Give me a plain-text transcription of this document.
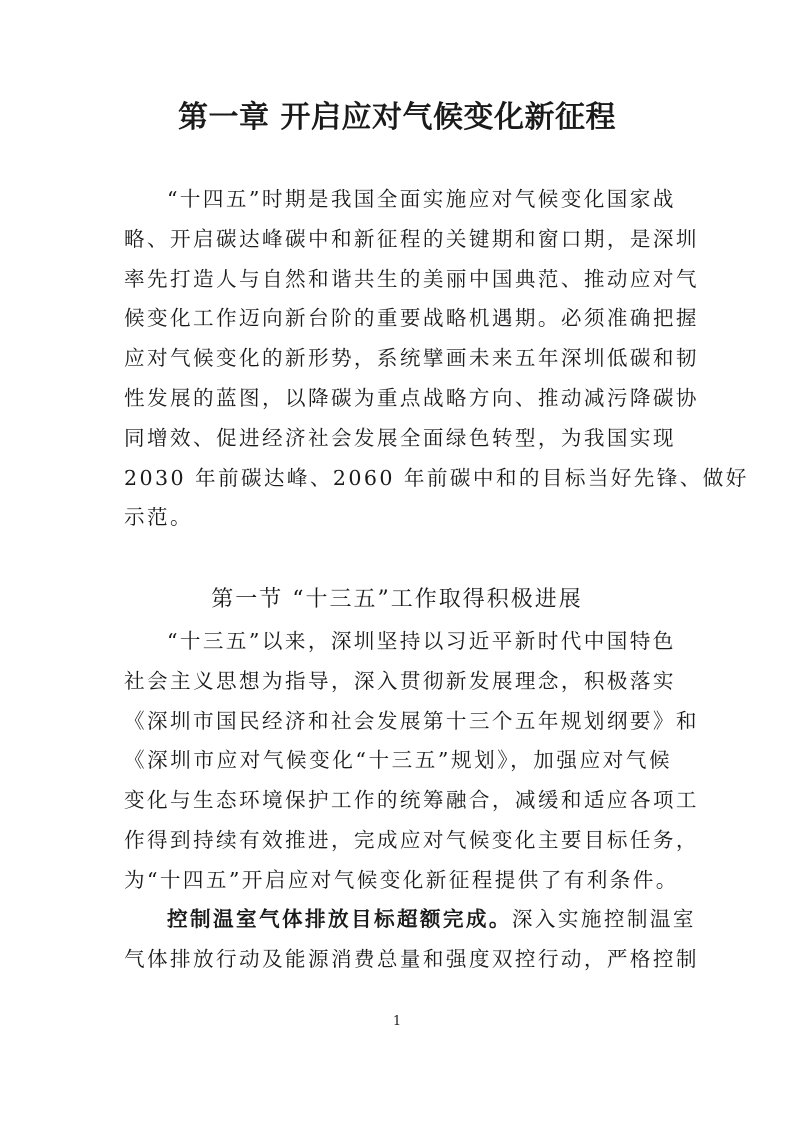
第一章 开启应对气候变化新征程
“十四五”时期是我国全面实施应对气候变化国家战
略、开启碳达峰碳中和新征程的关键期和窗口期，是深圳
率先打造人与自然和谐共生的美丽中国典范、推动应对气
候变化工作迈向新台阶的重要战略机遇期。必须准确把握
应对气候变化的新形势，系统擘画未来五年深圳低碳和韧
性发展的蓝图，以降碳为重点战略方向、推动减污降碳协
同增效、促进经济社会发展全面绿色转型，为我国实现
2030 年前碳达峰、2060 年前碳中和的目标当好先锋、做好
示范。
第一节 “十三五”工作取得积极进展
“十三五”以来，深圳坚持以习近平新时代中国特色
社会主义思想为指导，深入贯彻新发展理念，积极落实
《深圳市国民经济和社会发展第十三个五年规划纲要》和
《深圳市应对气候变化“十三五”规划》，加强应对气候
变化与生态环境保护工作的统筹融合，减缓和适应各项工
作得到持续有效推进，完成应对气候变化主要目标任务，
为“十四五”开启应对气候变化新征程提供了有利条件。
控制温室气体排放目标超额完成。深入实施控制温室
气体排放行动及能源消费总量和强度双控行动，严格控制
1
